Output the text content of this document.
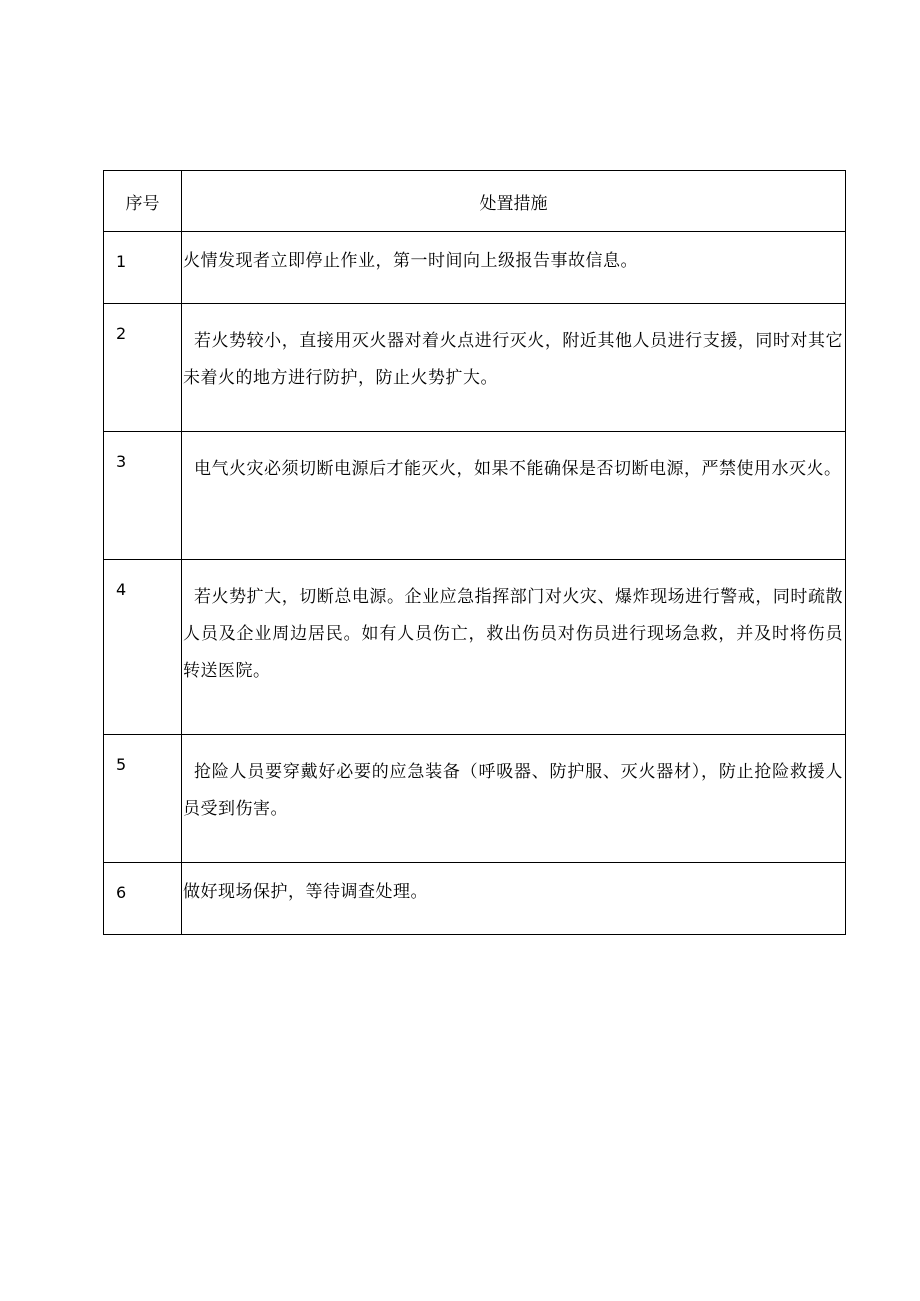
序号	处置措施

1	火情发现者立即停止作业，第一时间向上级报告事故信息。

2	若火势较小，直接用灭火器对着火点进行灭火，附近其他人员进行支援，同时对其它未着火的地方进行防护，防止火势扩大。

3	电气火灾必须切断电源后才能灭火，如果不能确保是否切断电源，严禁使用水灭火。

4	若火势扩大，切断总电源。企业应急指挥部门对火灾、爆炸现场进行警戒，同时疏散人员及企业周边居民。如有人员伤亡，救出伤员对伤员进行现场急救，并及时将伤员转送医院。

5	抢险人员要穿戴好必要的应急装备（呼吸器、防护服、灭火器材），防止抢险救援人员受到伤害。

6	做好现场保护，等待调查处理。
